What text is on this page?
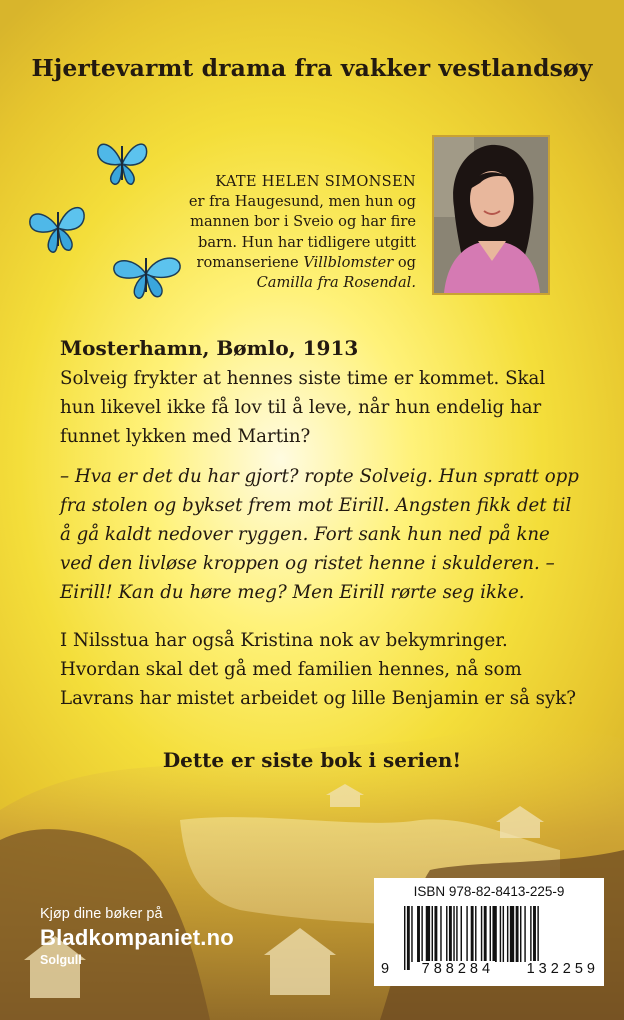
Hjertevarmt drama fra vakker vestlandsøy
KATE HELEN SIMONSEN
er fra Haugesund, men hun og
mannen bor i Sveio og har fire
barn. Hun har tidligere utgitt
romanseriene Villblomster og
Camilla fra Rosendal.
Mosterhamn, Bømlo, 1913
Solveig frykter at hennes siste time er kommet. Skal hun likevel ikke få lov til å leve, når hun endelig har funnet lykken med Martin?
– Hva er det du har gjort? ropte Solveig. Hun spratt opp fra stolen og bykset frem mot Eirill. Angsten fikk det til å gå kaldt nedover ryggen. Fort sank hun ned på kne ved den livløse kroppen og ristet henne i skulderen. – Eirill! Kan du høre meg? Men Eirill rørte seg ikke.
I Nilsstua har også Kristina nok av bekymringer. Hvordan skal det gå med familien hennes, nå som Lavrans har mistet arbeidet og lille Benjamin er så syk?
Dette er siste bok i serien!
Kjøp dine bøker på
Bladkompaniet.no
Solgull
ISBN 978-82-8413-225-9
9 788284 132259
